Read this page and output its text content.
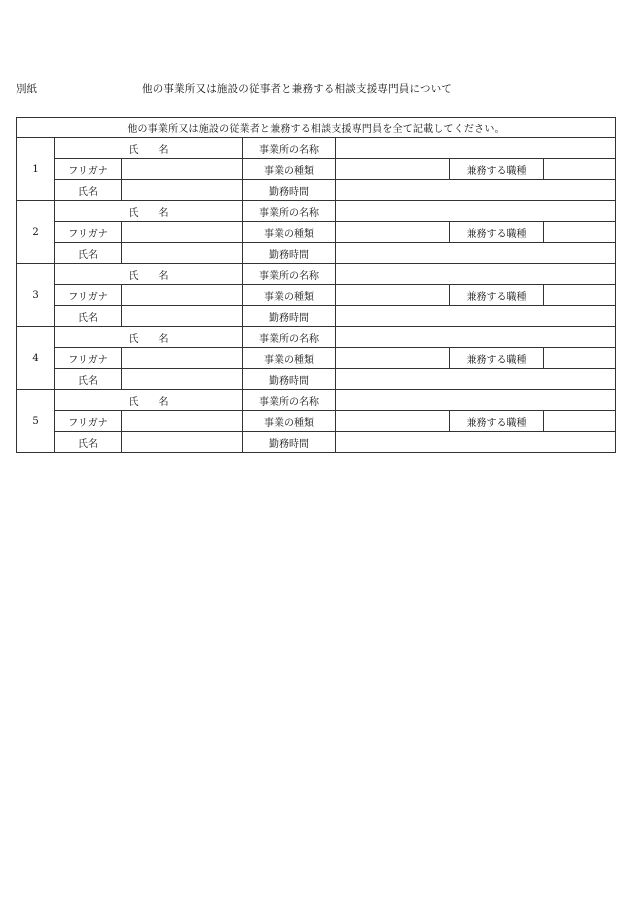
別紙	他の事業所又は施設の従事者と兼務する相談支援専門員について
他の事業所又は施設の従業者と兼務する相談支援専門員を全て記載してください。						
1	氏　　名		事業所の名称			
	フリガナ		事業の種類		兼務する職種	
	氏名		勤務時間			
2	氏　　名		事業所の名称			
	フリガナ		事業の種類		兼務する職種	
	氏名		勤務時間			
3	氏　　名		事業所の名称			
	フリガナ		事業の種類		兼務する職種	
	氏名		勤務時間			
4	氏　　名		事業所の名称			
	フリガナ		事業の種類		兼務する職種	
	氏名		勤務時間			
5	氏　　名		事業所の名称			
	フリガナ		事業の種類		兼務する職種	
	氏名		勤務時間			
